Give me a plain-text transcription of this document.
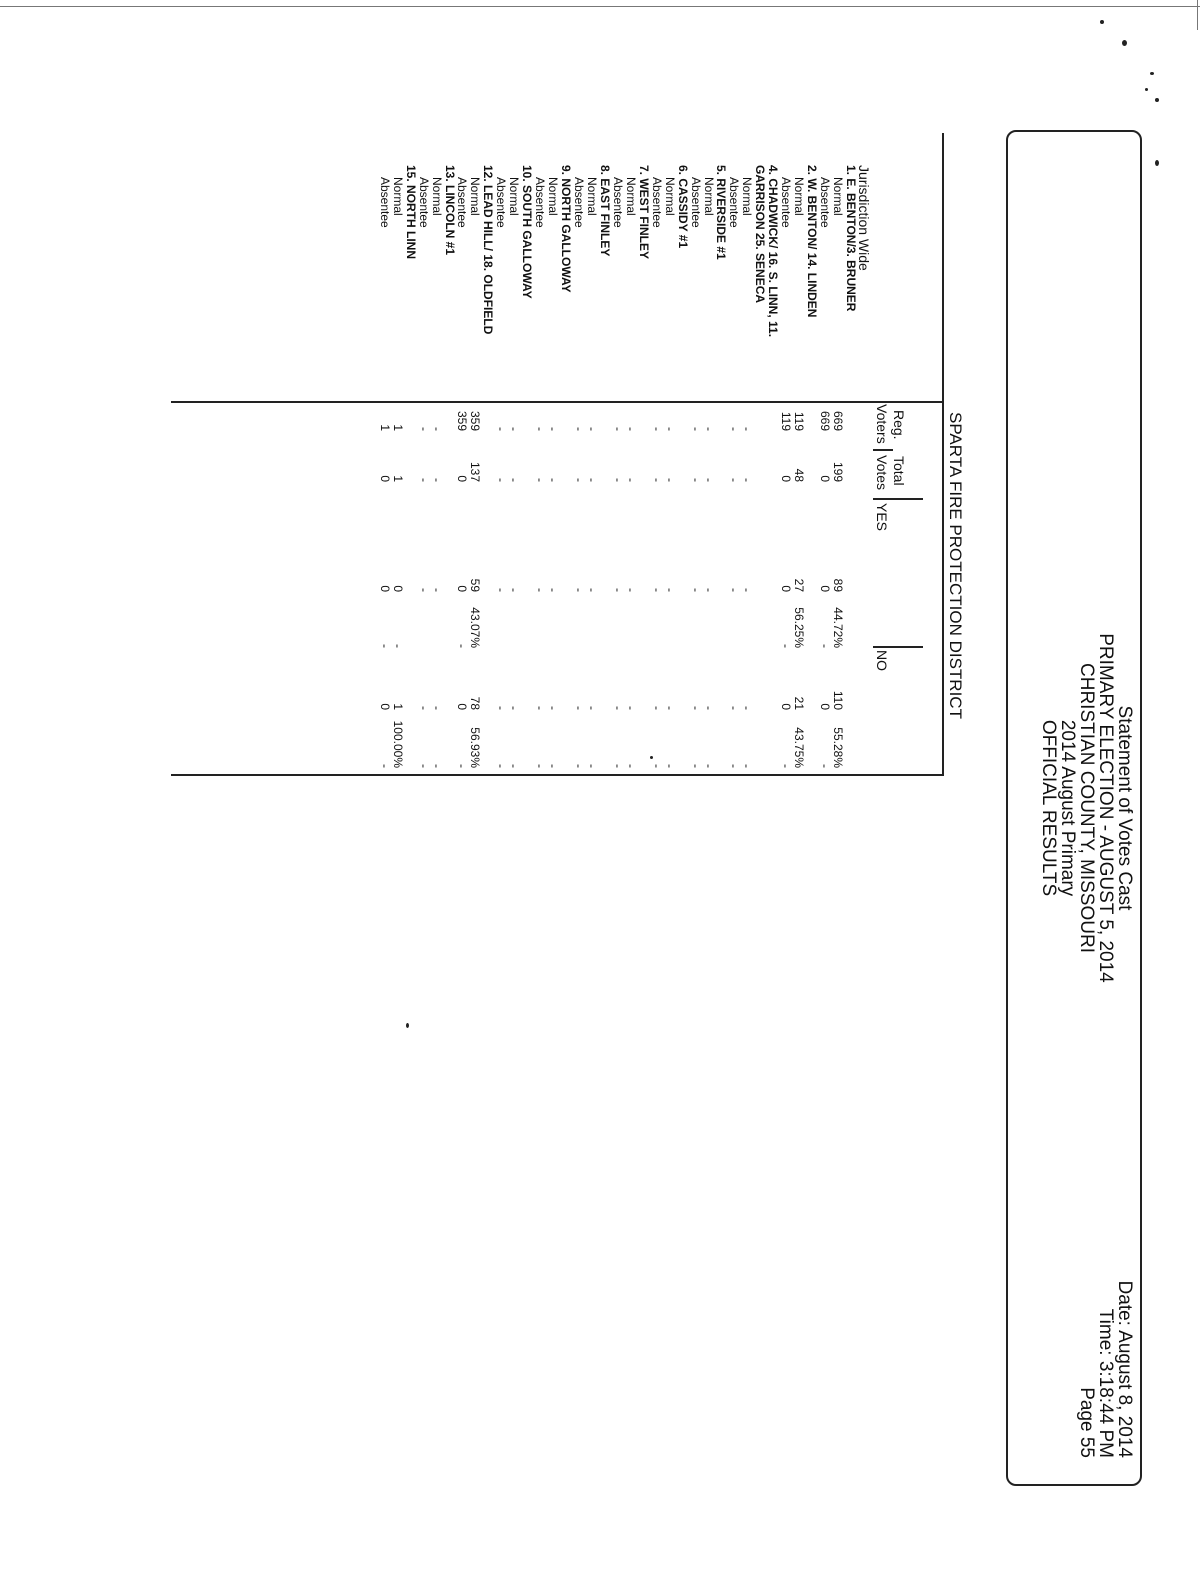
Statement of Votes Cast
PRIMARY ELECTION - AUGUST 5, 2014
CHRISTIAN COUNTY, MISSOURI
2014 August Primary
OFFICIAL RESULTS
Date: August 8, 2014
Time: 3:18:44 PM
Page 55
SPARTA FIRE PROTECTION DISTRICT
Jurisdiction Wide
Reg.
Voters
Total
Votes
YES
NO
1. E. BENTON/3. BRUNER
Normal
669
199
89
44.72%
110
55.28%
Absentee
669
0
0
-
0
-
2. W. BENTON/ 14. LINDEN
Normal
119
48
27
56.25%
21
43.75%
Absentee
119
0
0
-
0
-
4. CHADWICK/ 16. S. LINN, 11.
GARRISON 25. SENECA
Normal
-
-
-
-
-
Absentee
-
-
-
-
-
5. RIVERSIDE #1
Normal
-
-
-
-
-
Absentee
-
-
-
-
-
6. CASSIDY #1
Normal
-
-
-
-
-
Absentee
-
-
-
-
-
7. WEST FINLEY
Normal
-
-
-
-
-
Absentee
-
-
-
-
-
8. EAST FINLEY
Normal
-
-
-
-
-
Absentee
-
-
-
-
-
9. NORTH GALLOWAY
Normal
-
-
-
-
-
Absentee
-
-
-
-
-
10. SOUTH GALLOWAY
Normal
-
-
-
-
-
Absentee
-
-
-
-
-
12. LEAD HILL/ 18. OLDFIELD
Normal
359
137
59
43.07%
78
56.93%
Absentee
359
0
0
-
0
-
13. LINCOLN #1
Normal
-
-
-
-
-
Absentee
-
-
-
-
-
15. NORTH LINN
Normal
1
1
0
-
1
100.00%
Absentee
1
0
0
-
0
-
